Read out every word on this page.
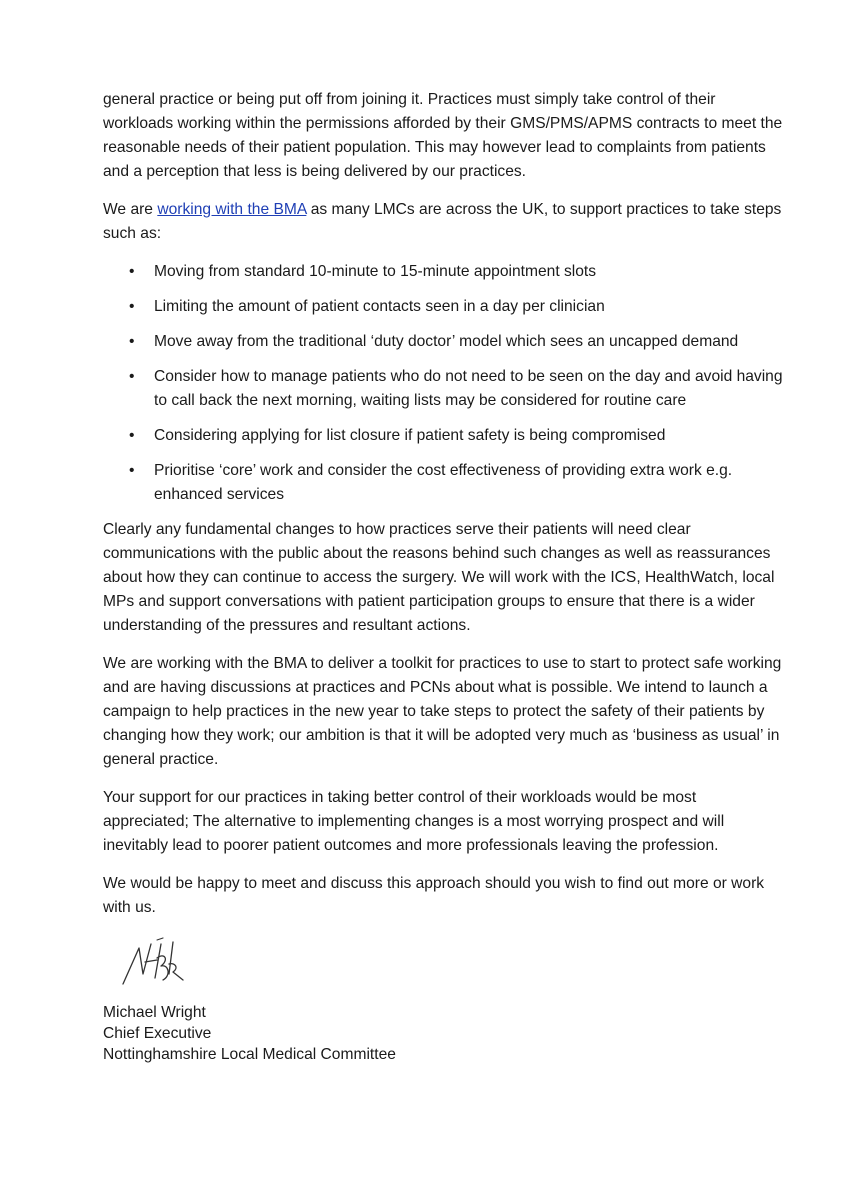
general practice or being put off from joining it. Practices must simply take control of their workloads working within the permissions afforded by their GMS/PMS/APMS contracts to meet the reasonable needs of their patient population. This may however lead to complaints from patients and a perception that less is being delivered by our practices.

We are working with the BMA as many LMCs are across the UK, to support practices to take steps such as:

• Moving from standard 10-minute to 15-minute appointment slots
• Limiting the amount of patient contacts seen in a day per clinician
• Move away from the traditional ‘duty doctor’ model which sees an uncapped demand
• Consider how to manage patients who do not need to be seen on the day and avoid having to call back the next morning, waiting lists may be considered for routine care
• Considering applying for list closure if patient safety is being compromised
• Prioritise ‘core’ work and consider the cost effectiveness of providing extra work e.g. enhanced services

Clearly any fundamental changes to how practices serve their patients will need clear communications with the public about the reasons behind such changes as well as reassurances about how they can continue to access the surgery. We will work with the ICS, HealthWatch, local MPs and support conversations with patient participation groups to ensure that there is a wider understanding of the pressures and resultant actions.

We are working with the BMA to deliver a toolkit for practices to use to start to protect safe working and are having discussions at practices and PCNs about what is possible. We intend to launch a campaign to help practices in the new year to take steps to protect the safety of their patients by changing how they work; our ambition is that it will be adopted very much as ‘business as usual’ in general practice.

Your support for our practices in taking better control of their workloads would be most appreciated; The alternative to implementing changes is a most worrying prospect and will inevitably lead to poorer patient outcomes and more professionals leaving the profession.

We would be happy to meet and discuss this approach should you wish to find out more or work with us.

Michael Wright
Chief Executive
Nottinghamshire Local Medical Committee
